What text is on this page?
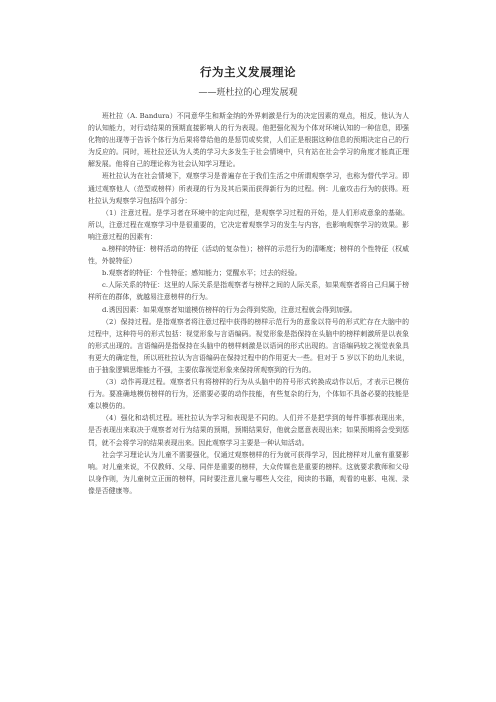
行为主义发展理论
——班杜拉的心理发展观

班杜拉（A. Bandura）不同意华生和斯金纳的外界刺激是行为的决定因素的观点，相反，他认为人的认知能力，对行动结果的预期直接影响人的行为表现。他把强化视为个体对环境认知的一种信息，即强化物的出现等于告诉个体行为后果将带给他的是惩罚或奖赏，人们正是根据这种信息的预期决定自己的行为反应的。同时，班杜拉还认为人类的学习大多发生于社会情境中，只有站在社会学习的角度才能真正理解发展。他将自己的理论称为社会认知学习理论。

班杜拉认为在社会情境下，观察学习是普遍存在于我们生活之中所谓观察学习，也称为替代学习。即通过观察他人（范型或榜样）所表现的行为及其后果而获得新行为的过程。例：儿童攻击行为的获得。班杜拉认为观察学习包括四个部分：

（1）注意过程。是学习者在环境中的定向过程，是观察学习过程的开始，是人们形成意象的基础。所以，注意过程在观察学习中是很重要的，它决定着观察学习的发生与内容，也影响观察学习的效果。影响注意过程的因素有：

a.榜样的特征：榜样活动的特征（活动的复杂性）；榜样的示范行为的清晰度；榜样的个性特征（权威性，外貌特征）

b.观察者的特征：个性特征；感知能力；觉醒水平；过去的经验。

c.人际关系的特征：这里的人际关系是指观察者与榜样之间的人际关系，如果观察者将自己归属于榜样所在的群体，就越易注意榜样的行为。

d.诱因因素：如果观察者知道模仿榜样的行为会得到奖励，注意过程就会得到加强。

（2）保持过程。是指观察者将注意过程中获得的榜样示范行为的意象以符号的形式贮存在大脑中的过程中，这种符号的形式包括：视觉形象与言语编码。视觉形象是指保持在头脑中的榜样刺激所是以表象的形式出现的。言语编码是指保持在头脑中的榜样刺激是以语词的形式出现的。言语编码较之视觉表象具有更大的确定性，所以班杜拉认为言语编码在保持过程中的作用更大一些。但对于 5 岁以下的幼儿来说，由于抽象逻辑思维能力不强，主要依靠视觉形象来保持所观察到的行为的。

（3）动作再现过程。观察者只有将榜样的行为从头脑中的符号形式转换成动作以后，才表示已模仿行为。要准确地模仿榜样的行为，还需要必要的动作技能，有些复杂的行为，个体如不具备必要的技能是难以模仿的。

（4）强化和动机过程。班杜拉认为学习和表现是不同的。人们并不是把学到的每件事都表现出来，是否表现出来取决于观察者对行为结果的预期，预期结果好，他就会愿意表现出来；如果预期将会受到惩罚，就不会将学习的结果表现出来。因此观察学习主要是一种认知活动。

社会学习理论认为儿童不需要强化，仅通过观察榜样的行为就可获得学习，因此榜样对儿童有重要影响。对儿童来说，不仅教师、父母、同伴是重要的榜样，大众传媒也是重要的榜样。这就要求教师和父母以身作则，为儿童树立正面的榜样，同时要注意儿童与哪些人交往，阅读的书籍，观看的电影、电视、录像是否健康等。
